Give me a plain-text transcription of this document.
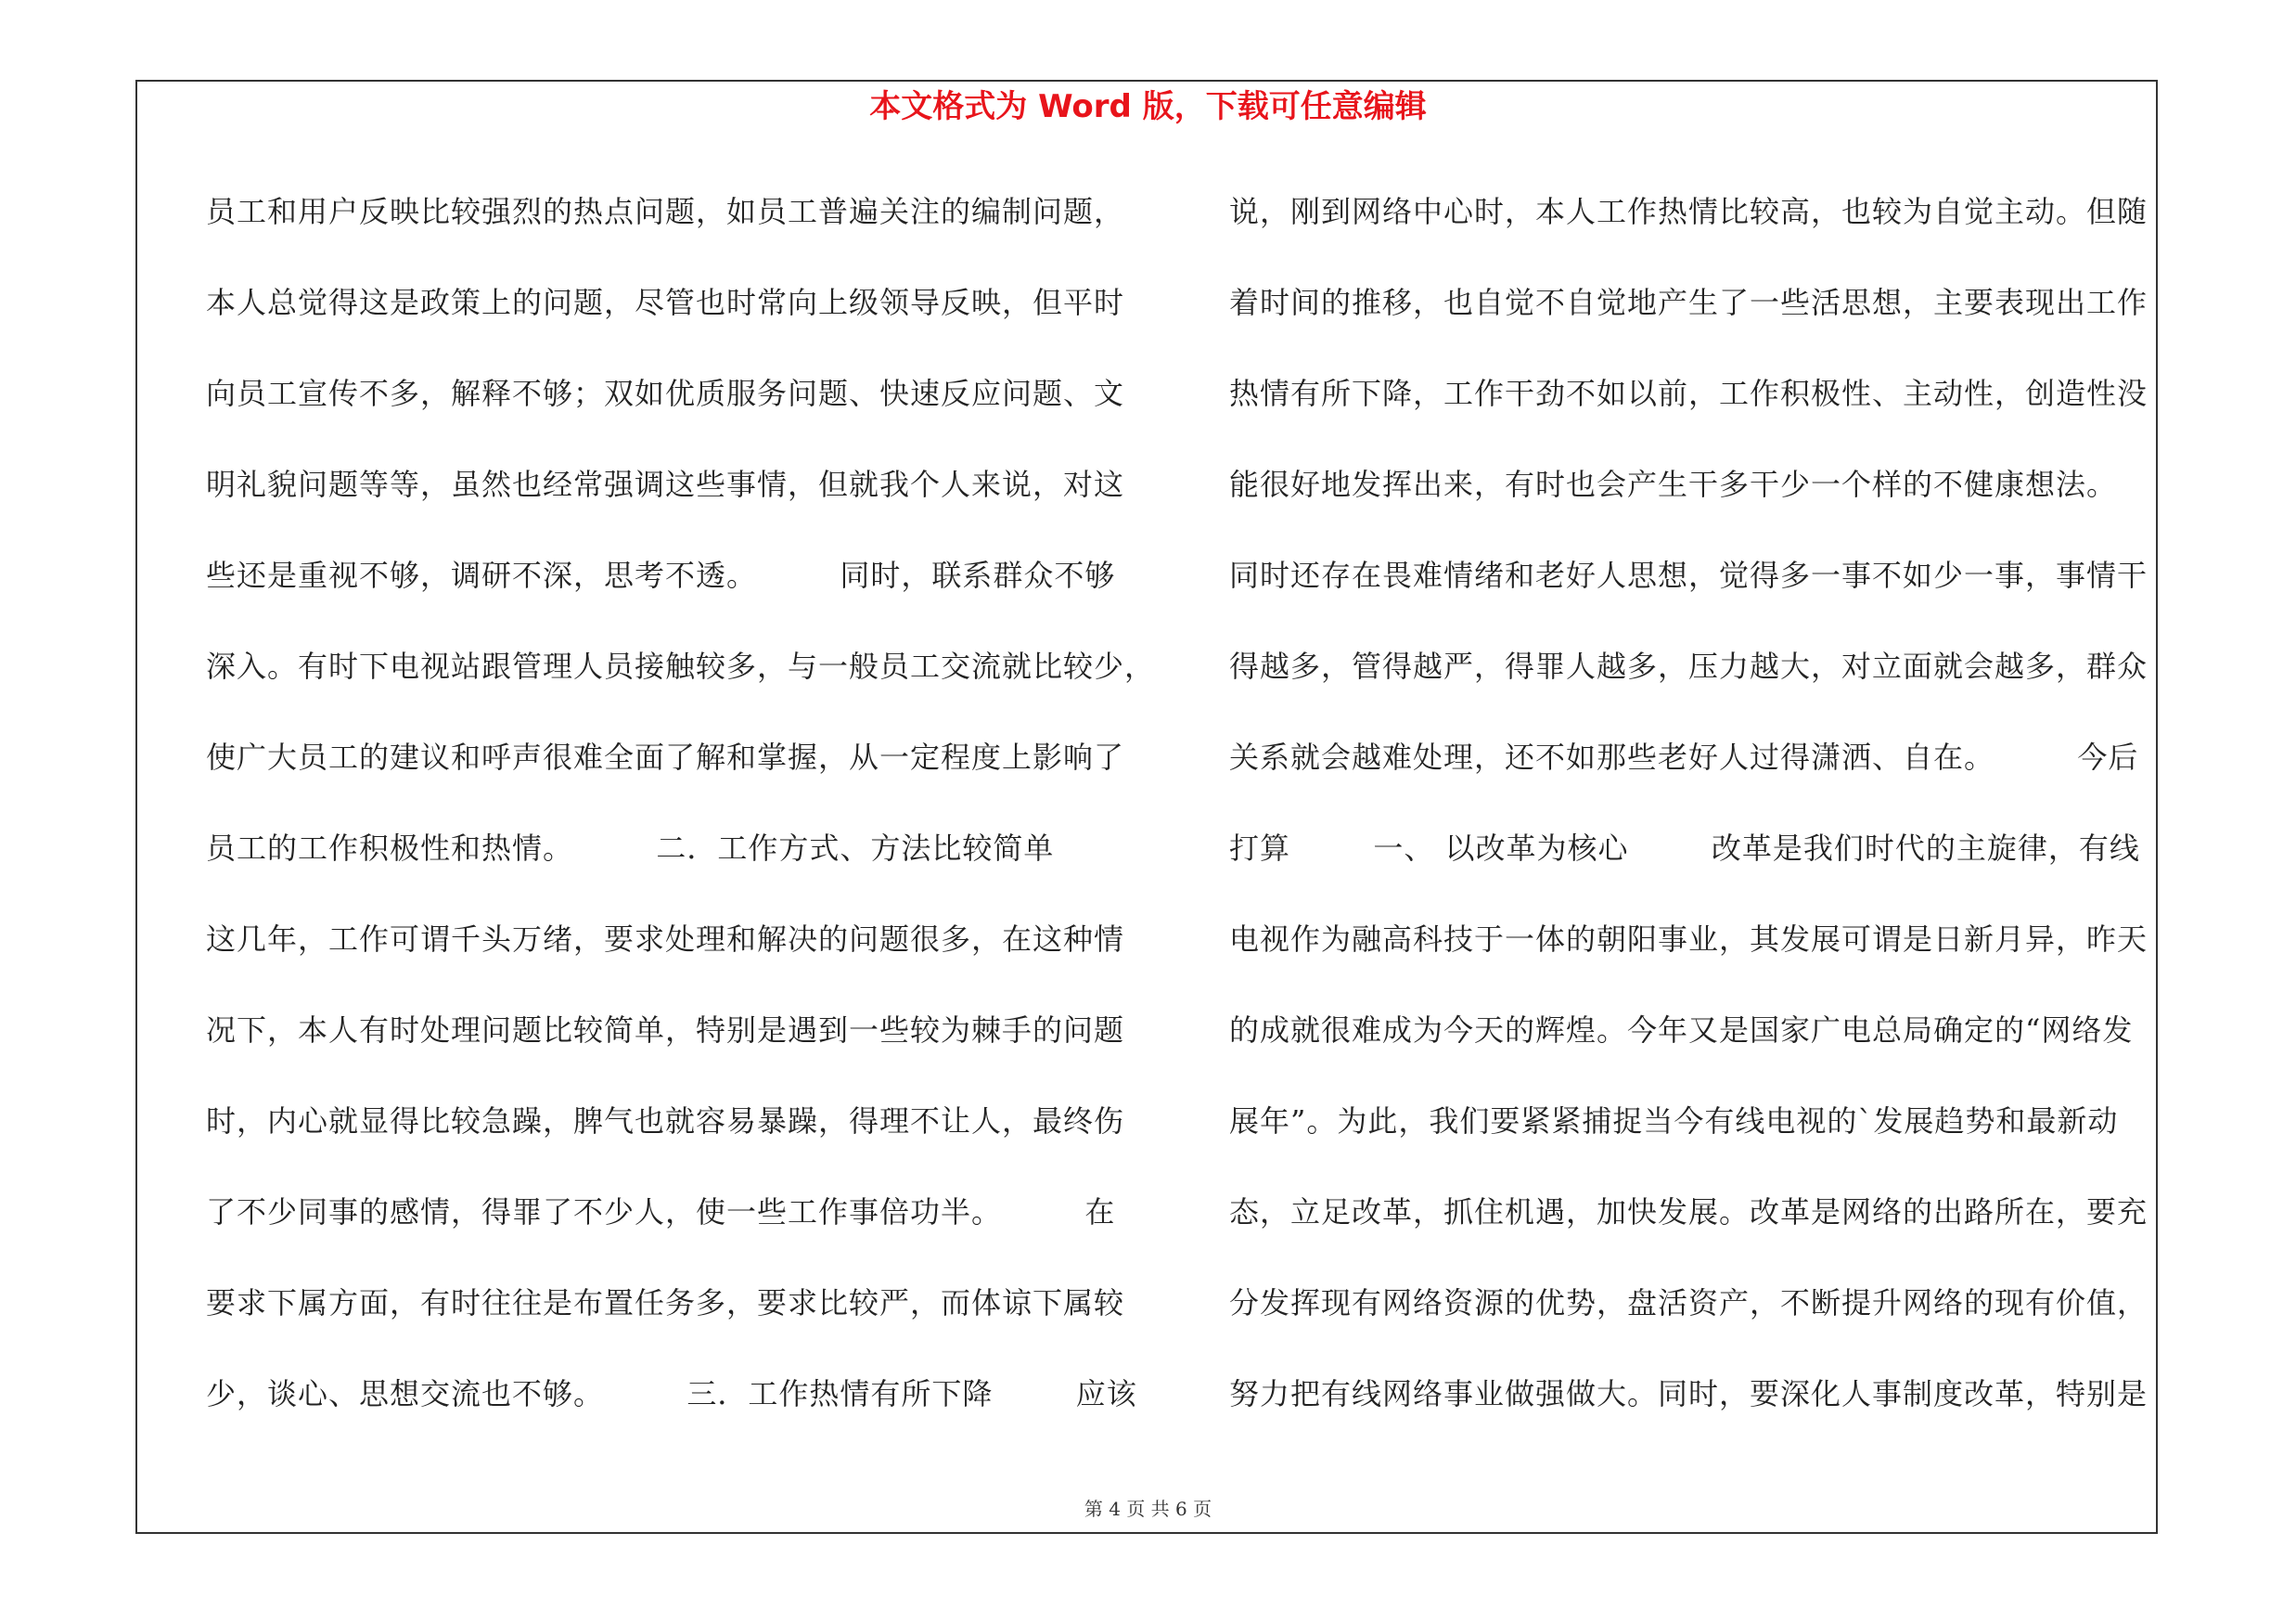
本文格式为 Word 版，下载可任意编辑
员工和用户反映比较强烈的热点问题，如员工普遍关注的编制问题，
本人总觉得这是政策上的问题，尽管也时常向上级领导反映，但平时
向员工宣传不多，解释不够；双如优质服务问题、快速反应问题、文
明礼貌问题等等，虽然也经常强调这些事情，但就我个人来说，对这
些还是重视不够，调研不深，思考不透。        同时，联系群众不够
深入。有时下电视站跟管理人员接触较多，与一般员工交流就比较少，
使广大员工的建议和呼声很难全面了解和掌握，从一定程度上影响了
员工的工作积极性和热情。        二．工作方式、方法比较简单
这几年，工作可谓千头万绪，要求处理和解决的问题很多，在这种情
况下，本人有时处理问题比较简单，特别是遇到一些较为棘手的问题
时，内心就显得比较急躁，脾气也就容易暴躁，得理不让人，最终伤
了不少同事的感情，得罪了不少人，使一些工作事倍功半。        在
要求下属方面，有时往往是布置任务多，要求比较严，而体谅下属较
少，谈心、思想交流也不够。        三．工作热情有所下降        应该
说，刚到网络中心时，本人工作热情比较高，也较为自觉主动。但随
着时间的推移，也自觉不自觉地产生了一些活思想，主要表现出工作
热情有所下降，工作干劲不如以前，工作积极性、主动性，创造性没
能很好地发挥出来，有时也会产生干多干少一个样的不健康想法。
同时还存在畏难情绪和老好人思想，觉得多一事不如少一事，事情干
得越多，管得越严，得罪人越多，压力越大，对立面就会越多，群众
关系就会越难处理，还不如那些老好人过得潇洒、自在。        今后
打算        一、 以改革为核心        改革是我们时代的主旋律，有线
电视作为融高科技于一体的朝阳事业，其发展可谓是日新月异，昨天
的成就很难成为今天的辉煌。今年又是国家广电总局确定的“网络发
展年”。为此，我们要紧紧捕捉当今有线电视的`发展趋势和最新动
态，立足改革，抓住机遇，加快发展。改革是网络的出路所在，要充
分发挥现有网络资源的优势，盘活资产，不断提升网络的现有价值，
努力把有线网络事业做强做大。同时，要深化人事制度改革，特别是
第 4 页 共 6 页
